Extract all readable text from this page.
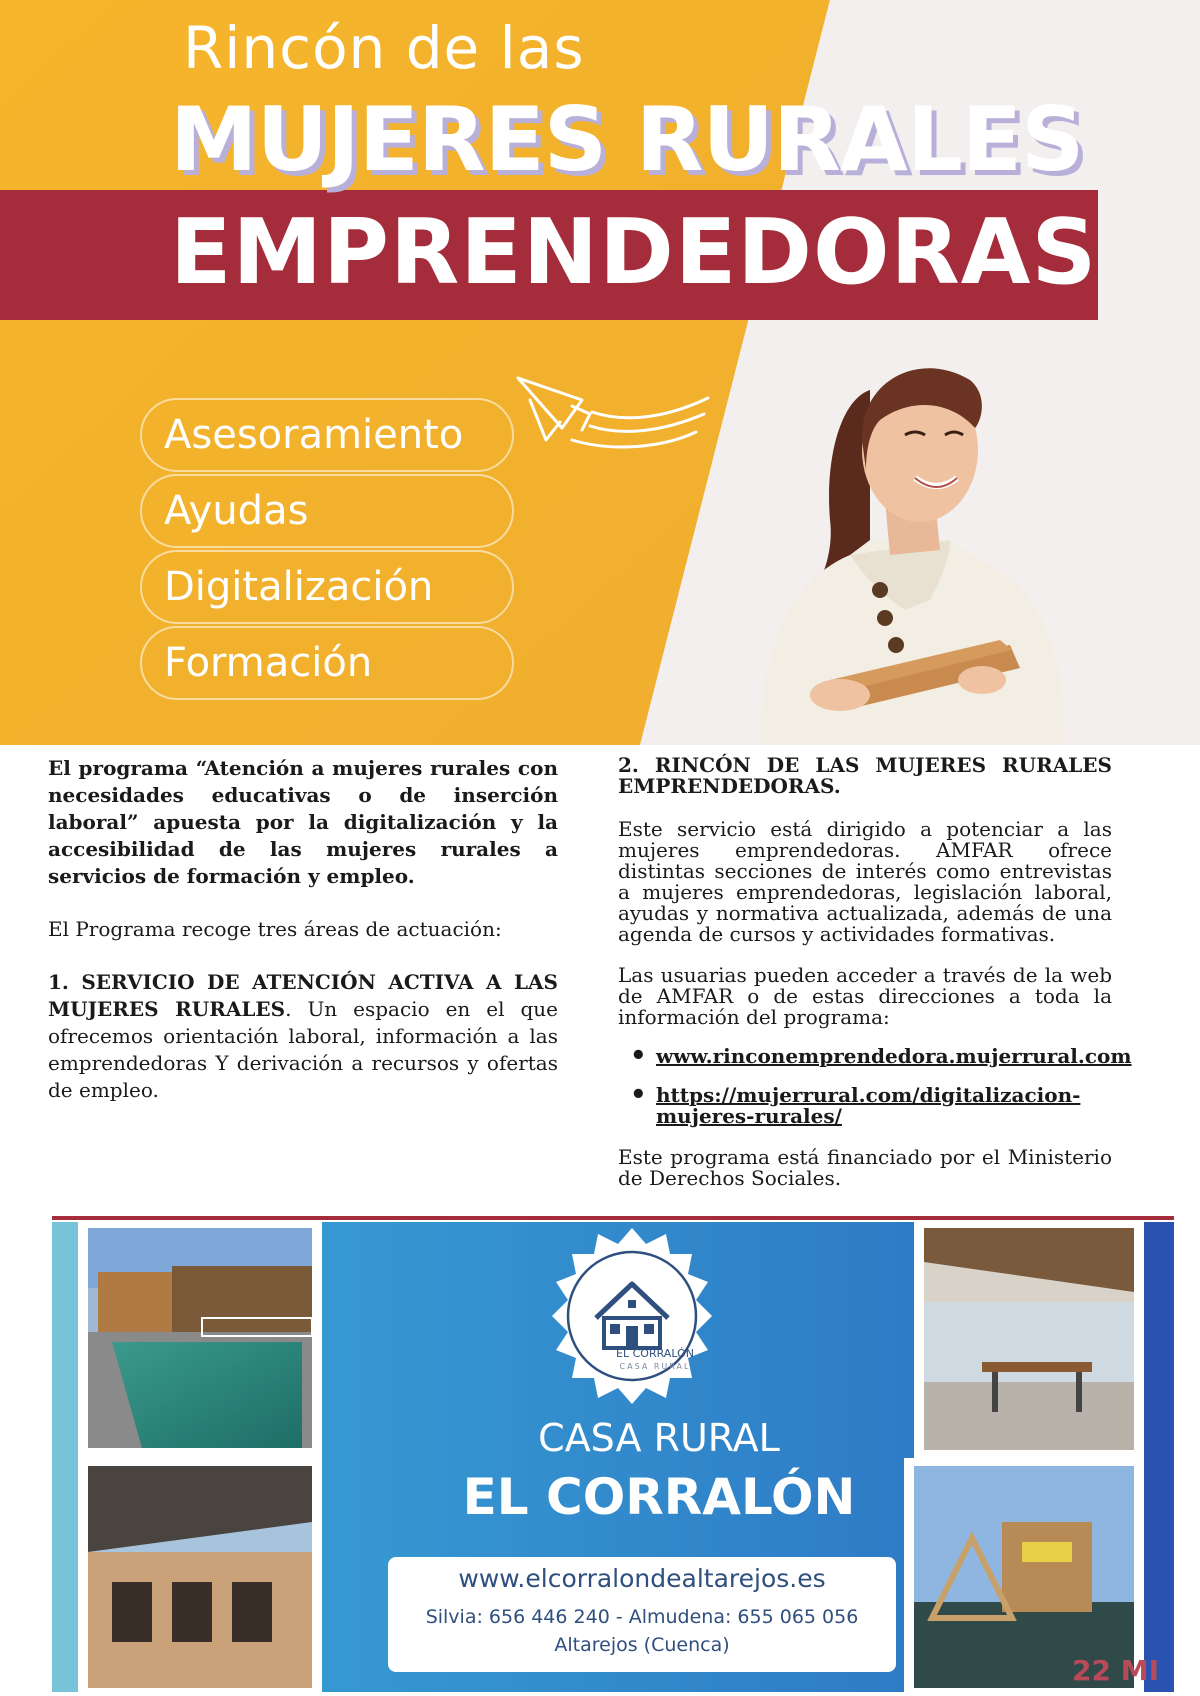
Rincón de las
MUJERES RURALES
EMPRENDEDORAS
Asesoramiento
Ayudas
Digitalización
Formación

El programa “Atención a mujeres rurales con necesidades educativas o de inserción laboral” apuesta por la digitalización y la accesibilidad de las mujeres rurales a servicios de formación y empleo.

El Programa recoge tres áreas de actuación:

1. SERVICIO DE ATENCIÓN ACTIVA A LAS MUJERES RURALES. Un espacio en el que ofrecemos orientación laboral, información a las emprendedoras Y derivación a recursos y ofertas de empleo.

2. RINCÓN DE LAS MUJERES RURALES EMPRENDEDORAS.

Este servicio está dirigido a potenciar a las mujeres emprendedoras. AMFAR ofrece distintas secciones de interés como entrevistas a mujeres emprendedoras, legislación laboral, ayudas y normativa actualizada, además de una agenda de cursos y actividades formativas.

Las usuarias pueden acceder a través de la web de AMFAR o de estas direcciones a toda la información del programa:

• www.rinconemprendedora.mujerrural.com
• https://mujerrural.com/digitalizacion-mujeres-rurales/

Este programa está financiado por el Ministerio de Derechos Sociales.

EL CORRALÓN
CASA RURAL
CASA RURAL
EL CORRALÓN
www.elcorralondealtarejos.es
Silvia: 656 446 240 - Almudena: 655 065 056
Altarejos (Cuenca)
22 MI
